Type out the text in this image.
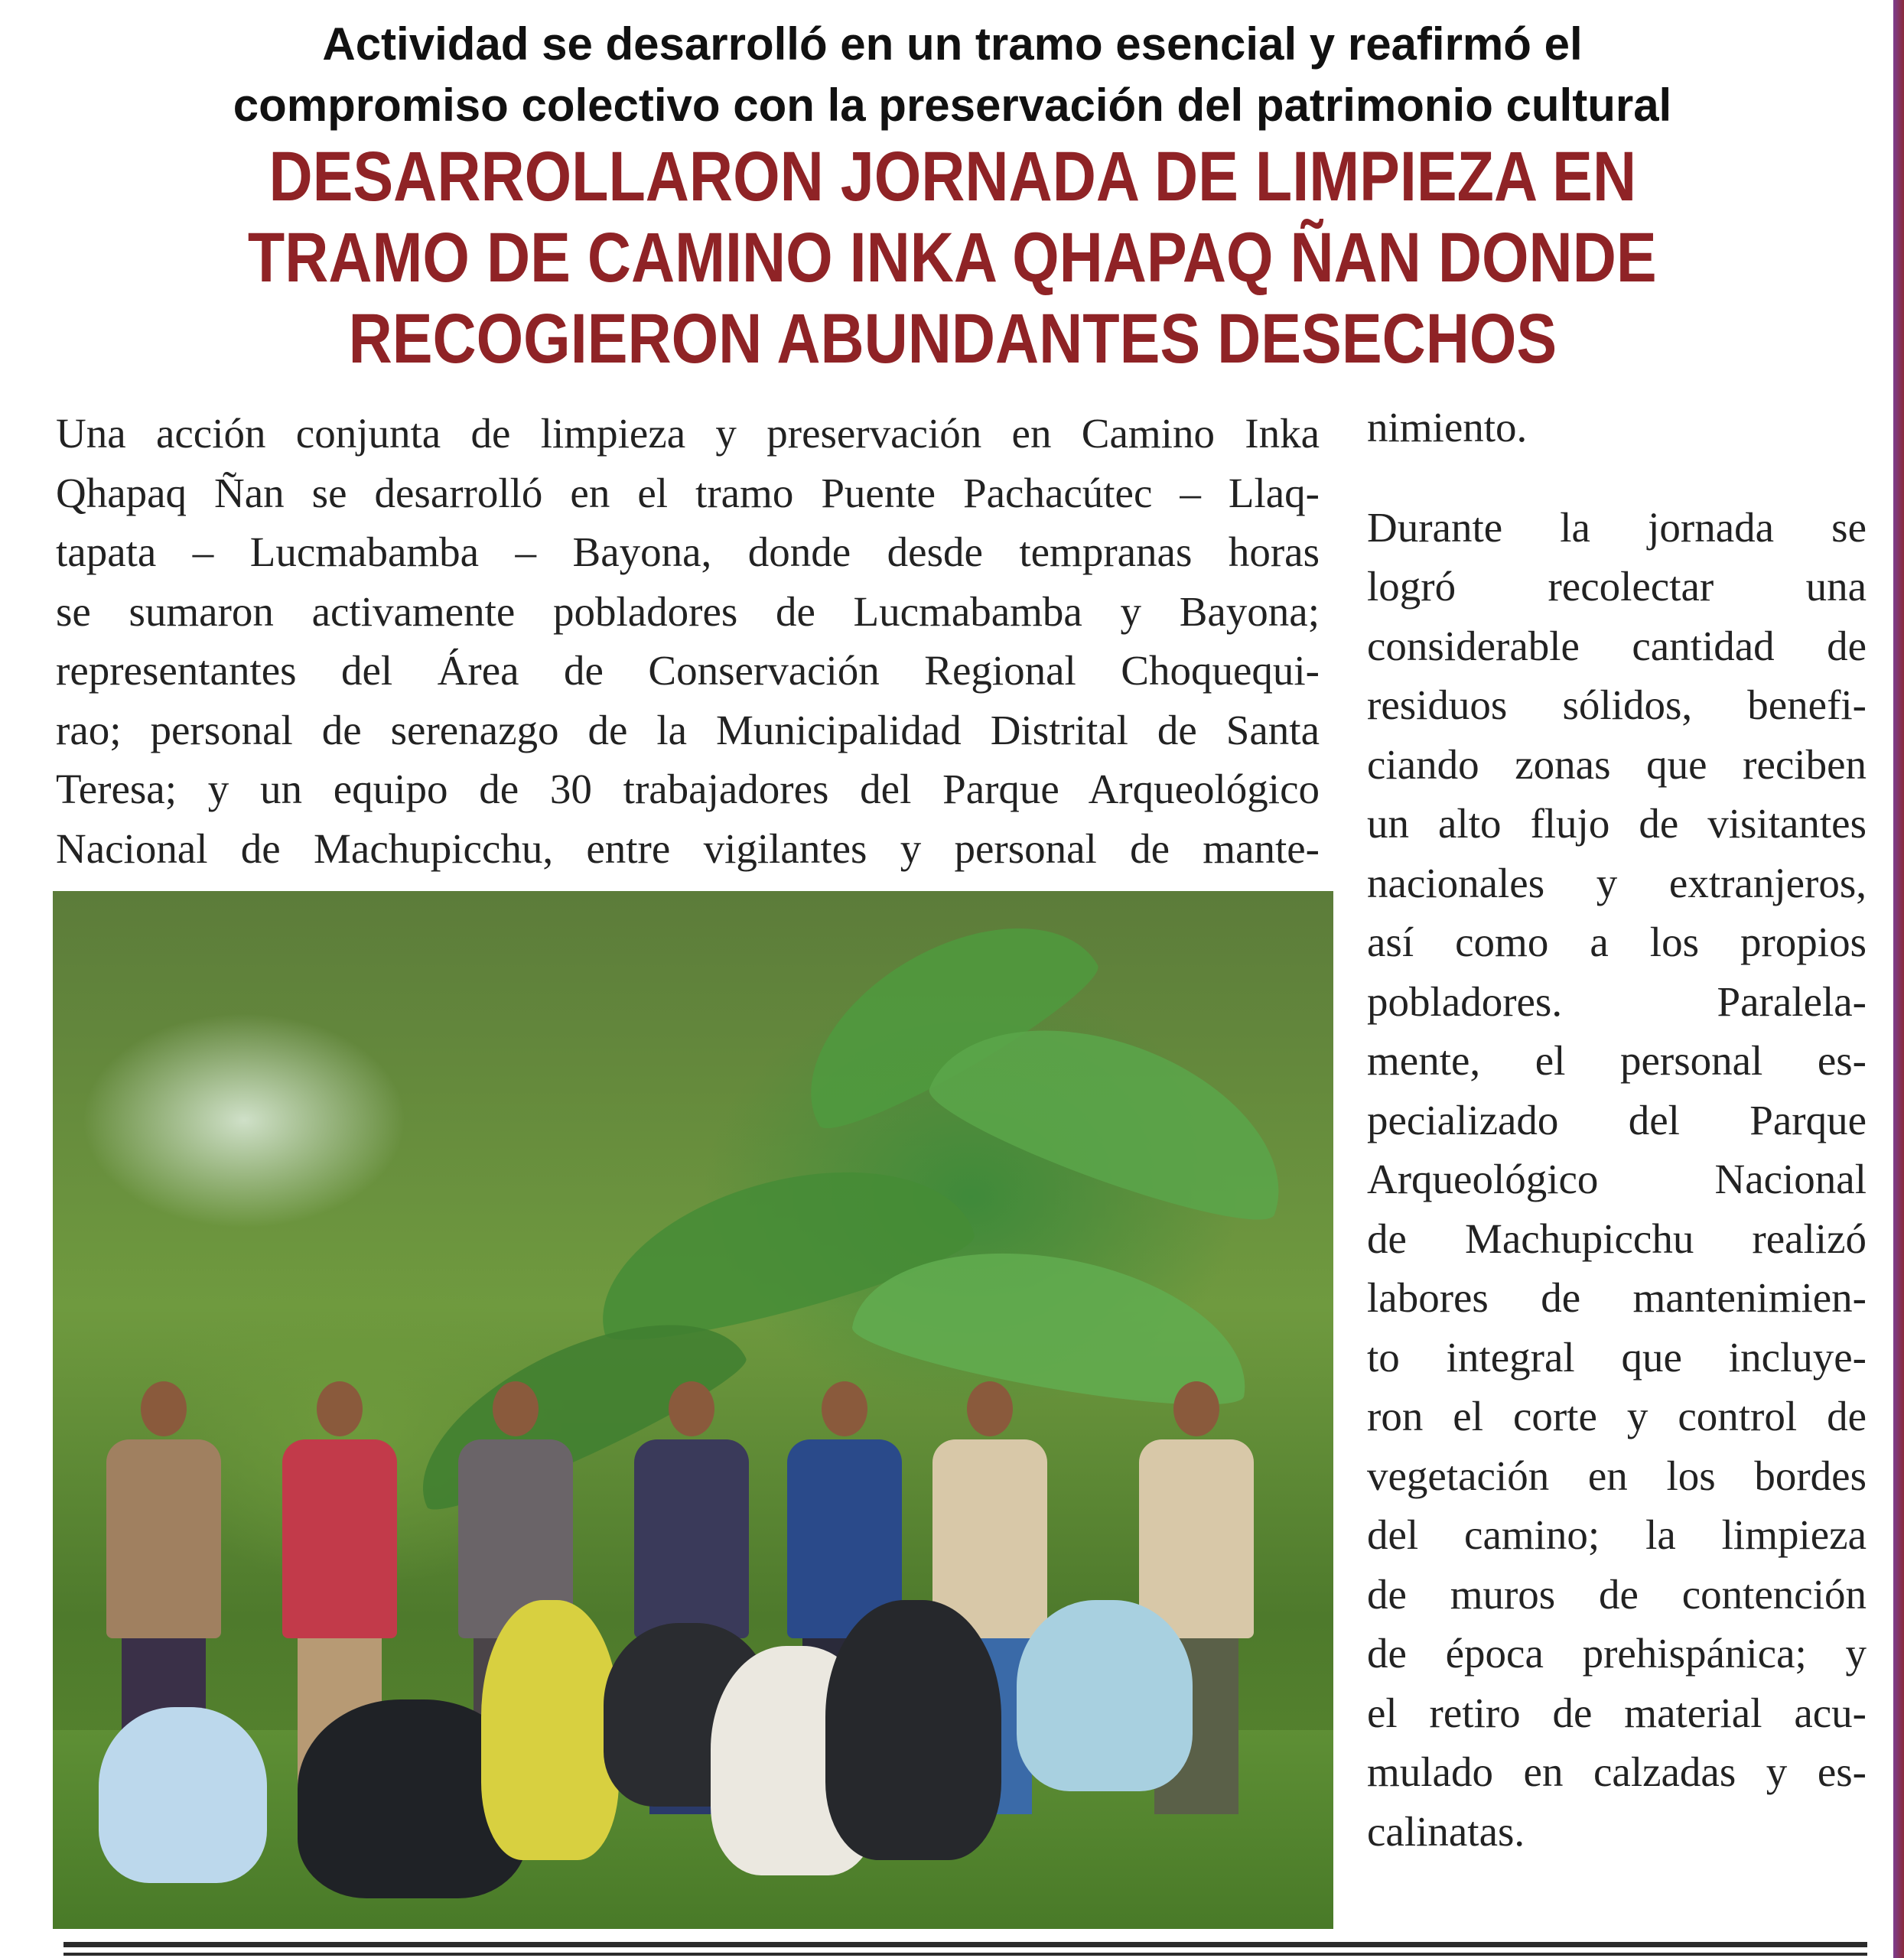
Actividad se desarrolló en un tramo esencial y reafirmó el
compromiso colectivo con la preservación del patrimonio cultural
DESARROLLARON JORNADA DE LIMPIEZA EN
TRAMO DE CAMINO INKA QHAPAQ ÑAN DONDE
RECOGIERON ABUNDANTES DESECHOS
Una acción conjunta de limpieza y preservación en Camino Inka
Qhapaq Ñan se desarrolló en el tramo Puente Pachacútec – Llaq-
tapata – Lucmabamba – Bayona, donde desde tempranas horas
se sumaron activamente pobladores de Lucmabamba y Bayona;
representantes del Área de Conservación Regional Choquequi-
rao; personal de serenazgo de la Municipalidad Distrital de Santa
Teresa; y un equipo de 30 trabajadores del Parque Arqueológico
Nacional de Machupicchu, entre vigilantes y personal de mante-
nimiento.
Durante la jornada se
logró recolectar una
considerable cantidad de
residuos sólidos, benefi-
ciando zonas que reciben
un alto flujo de visitantes
nacionales y extranjeros,
así como a los propios
pobladores. Paralela-
mente, el personal es-
pecializado del Parque
Arqueológico Nacional
de Machupicchu realizó
labores de mantenimien-
to integral que incluye-
ron el corte y control de
vegetación en los bordes
del camino; la limpieza
de muros de contención
de época prehispánica; y
el retiro de material acu-
mulado en calzadas y es-
calinatas.
